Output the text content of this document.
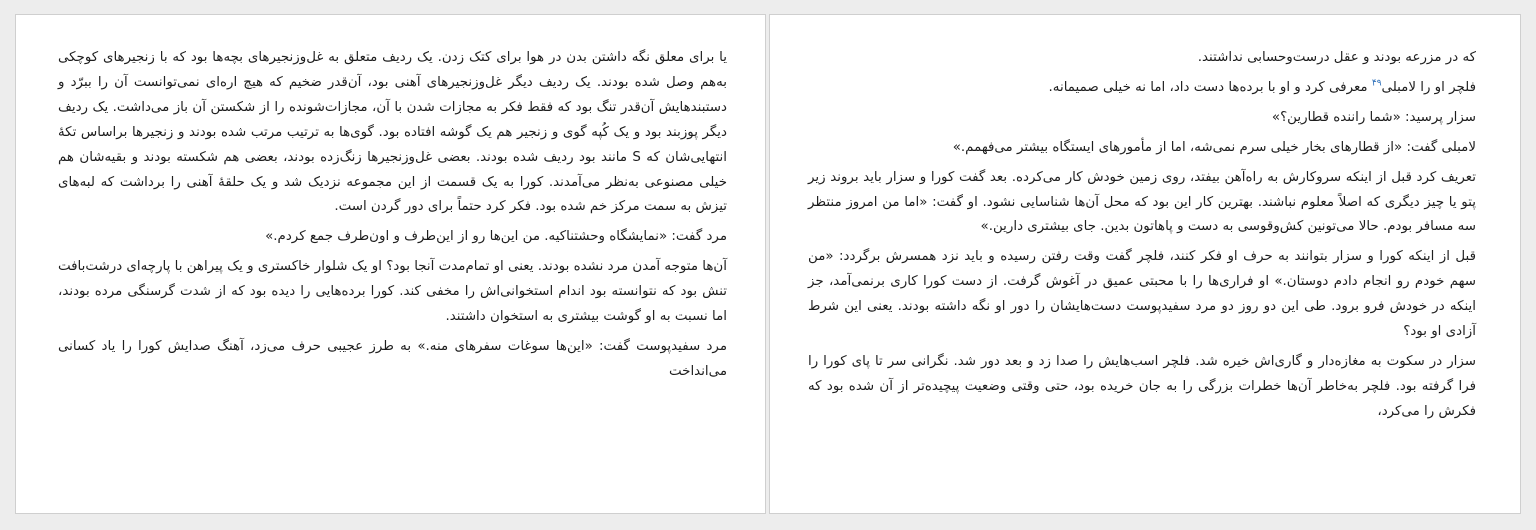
یا برای معلق نگه داشتن بدن در هوا برای کتک زدن. یک ردیف متعلق به غل‌وزنجیرهای بچه‌ها بود که با زنجیرهای کوچکی به‌هم وصل شده بودند. یک ردیف دیگر غل‌وزنجیرهای آهنی بود، آن‌قدر ضخیم که هیچ اره‌ای نمی‌توانست آن را ببرّد و دستبندهایش آن‌قدر تنگ بود که فقط فکر به مجازات شدن با آن، مجازات‌شونده را از شکستن آن باز می‌داشت. یک ردیف دیگر پوزبند بود و یک کُپه گوی و زنجیر هم یک گوشه افتاده بود. گوی‌ها به ترتیب مرتب شده بودند و زنجیرها براساس تکهٔ انتهایی‌شان که S مانند بود ردیف شده بودند. بعضی غل‌وزنجیرها زنگ‌زده بودند، بعضی هم شکسته بودند و بقیه‌شان هم خیلی مصنوعی به‌نظر می‌آمدند. کورا به یک قسمت از این مجموعه نزدیک شد و یک حلقهٔ آهنی را برداشت که لبه‌های تیزش به سمت مرکز خم شده بود. فکر کرد حتماً برای دور گردن است.

مرد گفت: «نمایشگاه وحشتناکیه. من این‌ها رو از این‌طرف و اون‌طرف جمع کردم.»

آن‌ها متوجه آمدن مرد نشده بودند. یعنی او تمام‌مدت آنجا بود؟ او یک شلوار خاکستری و یک پیراهن با پارچه‌ای درشت‌بافت تنش بود که نتوانسته بود اندام استخوانی‌اش را مخفی کند. کورا برده‌هایی را دیده بود که از شدت گرسنگی مرده بودند، اما نسبت به او گوشت بیشتری به استخوان داشتند.

مرد سفیدپوست گفت: «این‌ها سوغات سفرهای منه.» به طرز عجیبی حرف می‌زد، آهنگ صدایش کورا را یاد کسانی می‌انداخت

که در مزرعه بودند و عقل درست‌وحسابی نداشتند.

فلچر او را لامبلی$^{۴۹}$ معرفی کرد و او با برده‌ها دست داد، اما نه خیلی صمیمانه.

سزار پرسید: «شما راننده قطارین؟»

لامبلی گفت: «از قطارهای بخار خیلی سرم نمی‌شه، اما از مأمورهای ایستگاه بیشتر می‌فهمم.»

تعریف کرد قبل از اینکه سروکارش به راه‌آهن بیفتد، روی زمین خودش کار می‌کرده. بعد گفت کورا و سزار باید بروند زیر پتو یا چیز دیگری که اصلاً معلوم نباشند. بهترین کار این بود که محل آن‌ها شناسایی نشود. او گفت: «اما من امروز منتظر سه مسافر بودم. حالا می‌تونین کش‌وقوسی به دست و پاهاتون بدین. جای بیشتری دارین.»

قبل از اینکه کورا و سزار بتوانند به حرف او فکر کنند، فلچر گفت وقت رفتن رسیده و باید نزد همسرش برگردد: «من سهم خودم رو انجام دادم دوستان.» او فراری‌ها را با محبتی عمیق در آغوش گرفت. از دست کورا کاری برنمی‌آمد، جز اینکه در خودش فرو برود. طی این دو روز دو مرد سفیدپوست دست‌هایشان را دور او نگه داشته بودند. یعنی این شرط آزادی او بود؟

سزار در سکوت به مغازه‌دار و گاری‌اش خیره شد. فلچر اسب‌هایش را صدا زد و بعد دور شد. نگرانی سر تا پای کورا را فرا گرفته بود. فلچر به‌خاطر آن‌ها خطرات بزرگی را به جان خریده بود، حتی وقتی وضعیت پیچیده‌تر از آن شده بود که فکرش را می‌کرد،
